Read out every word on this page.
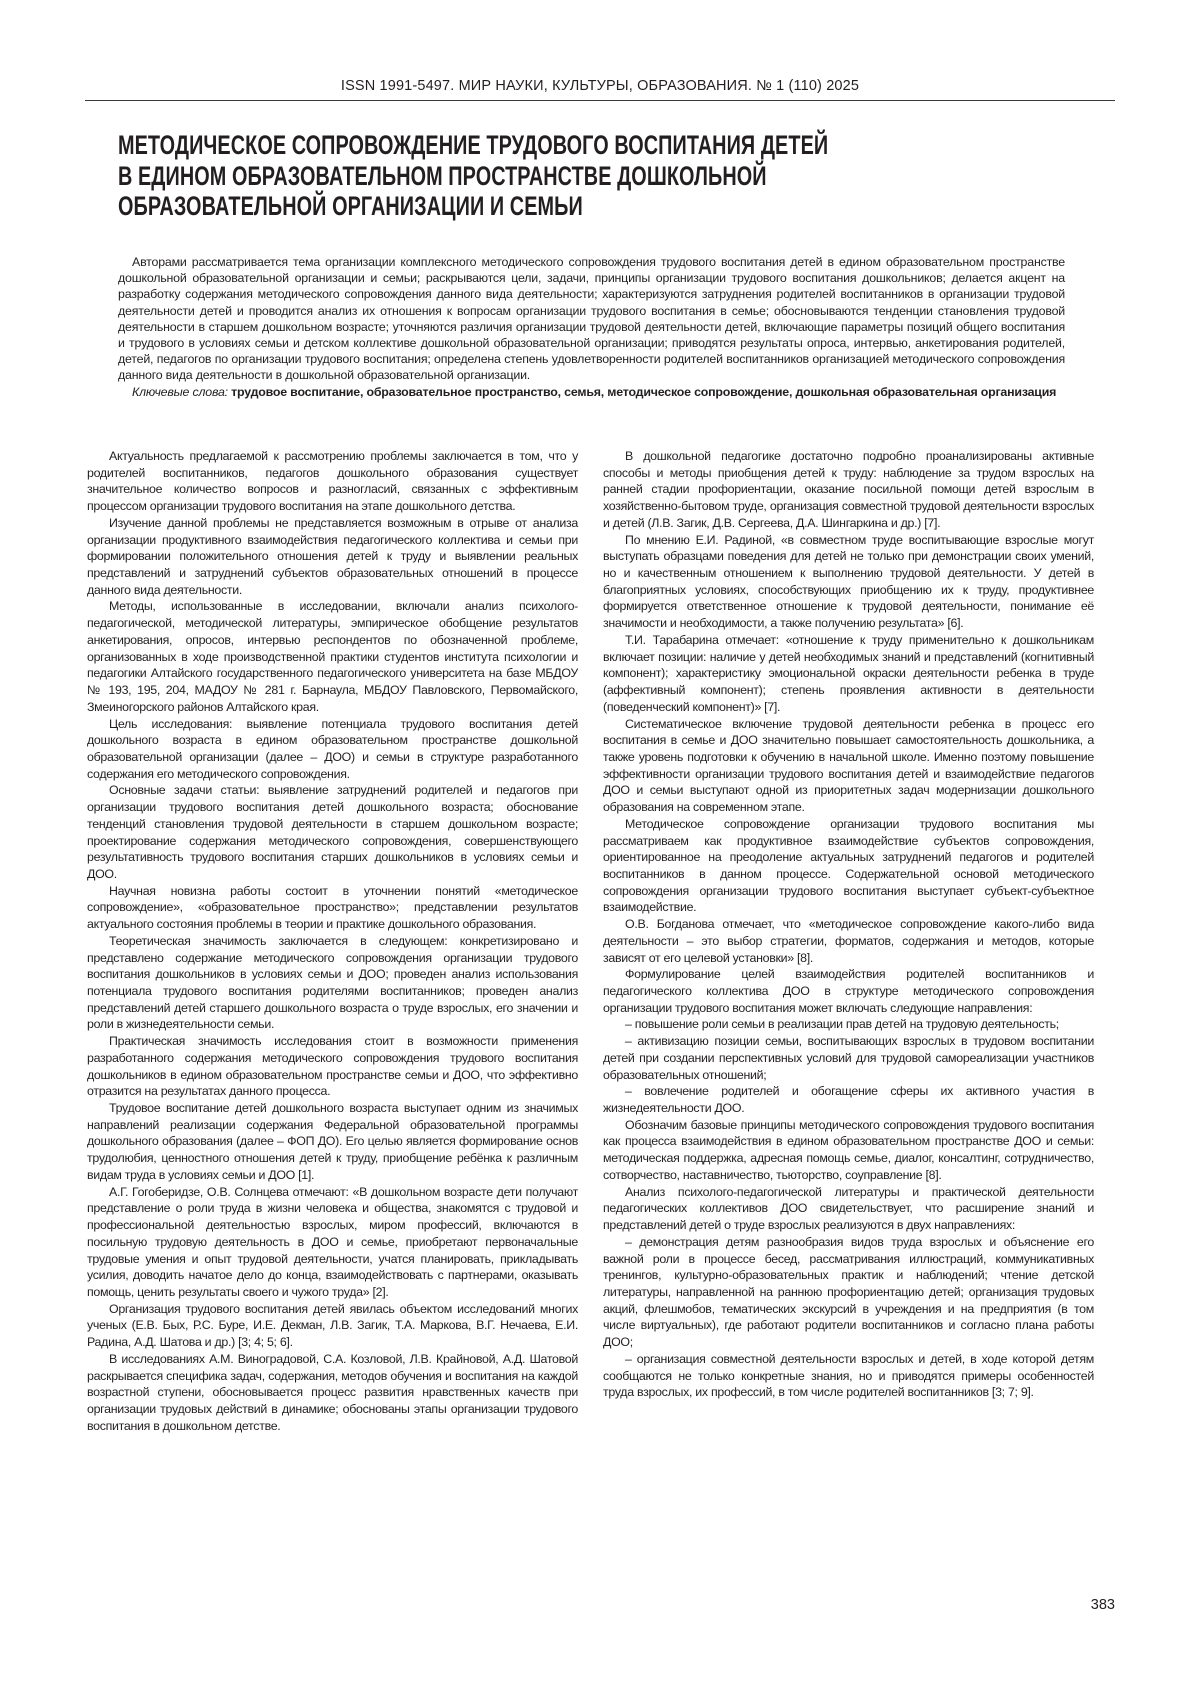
ISSN 1991-5497. МИР НАУКИ, КУЛЬТУРЫ, ОБРАЗОВАНИЯ. № 1 (110) 2025
МЕТОДИЧЕСКОЕ СОПРОВОЖДЕНИЕ ТРУДОВОГО ВОСПИТАНИЯ ДЕТЕЙ
В ЕДИНОМ ОБРАЗОВАТЕЛЬНОМ ПРОСТРАНСТВЕ ДОШКОЛЬНОЙ
ОБРАЗОВАТЕЛЬНОЙ ОРГАНИЗАЦИИ И СЕМЬИ

Авторами рассматривается тема организации комплексного методического сопровождения трудового воспитания детей в едином образовательном пространстве дошкольной образовательной организации и семьи; раскрываются цели, задачи, принципы организации трудового воспитания дошкольников; делается акцент на разработку содержания методического сопровождения данного вида деятельности; характеризуются затруднения родителей воспитанников в организации трудовой деятельности детей и проводится анализ их отношения к вопросам организации трудового воспитания в семье; обосновываются тенденции становления трудовой деятельности в старшем дошкольном возрасте; уточняются различия организации трудовой деятельности детей, включающие параметры позиций общего воспитания и трудового в условиях семьи и детском коллективе дошкольной образовательной организации; приводятся результаты опроса, интервью, анкетирования родителей, детей, педагогов по организации трудового воспитания; определена степень удовлетворенности родителей воспитанников организацией методического сопровождения данного вида деятельности в дошкольной образовательной организации.

Ключевые слова: трудовое воспитание, образовательное пространство, семья, методическое сопровождение, дошкольная образовательная организация

Актуальность предлагаемой к рассмотрению проблемы заключается в том, что у родителей воспитанников, педагогов дошкольного образования существует значительное количество вопросов и разногласий, связанных с эффективным процессом организации трудового воспитания на этапе дошкольного детства.

Изучение данной проблемы не представляется возможным в отрыве от анализа организации продуктивного взаимодействия педагогического коллектива и семьи при формировании положительного отношения детей к труду и выявлении реальных представлений и затруднений субъектов образовательных отношений в процессе данного вида деятельности.

Методы, использованные в исследовании, включали анализ психолого-педагогической, методической литературы, эмпирическое обобщение результатов анкетирования, опросов, интервью респондентов по обозначенной проблеме, организованных в ходе производственной практики студентов института психологии и педагогики Алтайского государственного педагогического университета на базе МБДОУ № 193, 195, 204, МАДОУ № 281 г. Барнаула, МБДОУ Павловского, Первомайского, Змеиногорского районов Алтайского края.

Цель исследования: выявление потенциала трудового воспитания детей дошкольного возраста в едином образовательном пространстве дошкольной образовательной организации (далее – ДОО) и семьи в структуре разработанного содержания его методического сопровождения.

Основные задачи статьи: выявление затруднений родителей и педагогов при организации трудового воспитания детей дошкольного возраста; обоснование тенденций становления трудовой деятельности в старшем дошкольном возрасте; проектирование содержания методического сопровождения, совершенствующего результативность трудового воспитания старших дошкольников в условиях семьи и ДОО.

Научная новизна работы состоит в уточнении понятий «методическое сопровождение», «образовательное пространство»; представлении результатов актуального состояния проблемы в теории и практике дошкольного образования.

Теоретическая значимость заключается в следующем: конкретизировано и представлено содержание методического сопровождения организации трудового воспитания дошкольников в условиях семьи и ДОО; проведен анализ использования потенциала трудового воспитания родителями воспитанников; проведен анализ представлений детей старшего дошкольного возраста о труде взрослых, его значении и роли в жизнедеятельности семьи.

Практическая значимость исследования стоит в возможности применения разработанного содержания методического сопровождения трудового воспитания дошкольников в едином образовательном пространстве семьи и ДОО, что эффективно отразится на результатах данного процесса.

Трудовое воспитание детей дошкольного возраста выступает одним из значимых направлений реализации содержания Федеральной образовательной программы дошкольного образования (далее – ФОП ДО). Его целью является формирование основ трудолюбия, ценностного отношения детей к труду, приобщение ребёнка к различным видам труда в условиях семьи и ДОО [1].

А.Г. Гогоберидзе, О.В. Солнцева отмечают: «В дошкольном возрасте дети получают представление о роли труда в жизни человека и общества, знакомятся с трудовой и профессиональной деятельностью взрослых, миром профессий, включаются в посильную трудовую деятельность в ДОО и семье, приобретают первоначальные трудовые умения и опыт трудовой деятельности, учатся планировать, прикладывать усилия, доводить начатое дело до конца, взаимодействовать с партнерами, оказывать помощь, ценить результаты своего и чужого труда» [2].

Организация трудового воспитания детей явилась объектом исследований многих ученых (Е.В. Бых, Р.С. Буре, И.Е. Декман, Л.В. Загик, Т.А. Маркова, В.Г. Нечаева, Е.И. Радина, А.Д. Шатова и др.) [3; 4; 5; 6].

В исследованиях А.М. Виноградовой, С.А. Козловой, Л.В. Крайновой, А.Д. Шатовой раскрывается специфика задач, содержания, методов обучения и воспитания на каждой возрастной ступени, обосновывается процесс развития нравственных качеств при организации трудовых действий в динамике; обоснованы этапы организации трудового воспитания в дошкольном детстве.

В дошкольной педагогике достаточно подробно проанализированы активные способы и методы приобщения детей к труду: наблюдение за трудом взрослых на ранней стадии профориентации, оказание посильной помощи детей взрослым в хозяйственно-бытовом труде, организация совместной трудовой деятельности взрослых и детей (Л.В. Загик, Д.В. Сергеева, Д.А. Шингаркина и др.) [7].

По мнению Е.И. Радиной, «в совместном труде воспитывающие взрослые могут выступать образцами поведения для детей не только при демонстрации своих умений, но и качественным отношением к выполнению трудовой деятельности. У детей в благоприятных условиях, способствующих приобщению их к труду, продуктивнее формируется ответственное отношение к трудовой деятельности, понимание её значимости и необходимости, а также получению результата» [6].

Т.И. Тарабарина отмечает: «отношение к труду применительно к дошкольникам включает позиции: наличие у детей необходимых знаний и представлений (когнитивный компонент); характеристику эмоциональной окраски деятельности ребенка в труде (аффективный компонент); степень проявления активности в деятельности (поведенческий компонент)» [7].

Систематическое включение трудовой деятельности ребенка в процесс его воспитания в семье и ДОО значительно повышает самостоятельность дошкольника, а также уровень подготовки к обучению в начальной школе. Именно поэтому повышение эффективности организации трудового воспитания детей и взаимодействие педагогов ДОО и семьи выступают одной из приоритетных задач модернизации дошкольного образования на современном этапе.

Методическое сопровождение организации трудового воспитания мы рассматриваем как продуктивное взаимодействие субъектов сопровождения, ориентированное на преодоление актуальных затруднений педагогов и родителей воспитанников в данном процессе. Содержательной основой методического сопровождения организации трудового воспитания выступает субъект-субъектное взаимодействие.

О.В. Богданова отмечает, что «методическое сопровождение какого-либо вида деятельности – это выбор стратегии, форматов, содержания и методов, которые зависят от его целевой установки» [8].

Формулирование целей взаимодействия родителей воспитанников и педагогического коллектива ДОО в структуре методического сопровождения организации трудового воспитания может включать следующие направления:

– повышение роли семьи в реализации прав детей на трудовую деятельность;

– активизацию позиции семьи, воспитывающих взрослых в трудовом воспитании детей при создании перспективных условий для трудовой самореализации участников образовательных отношений;

– вовлечение родителей и обогащение сферы их активного участия в жизнедеятельности ДОО.

Обозначим базовые принципы методического сопровождения трудового воспитания как процесса взаимодействия в едином образовательном пространстве ДОО и семьи: методическая поддержка, адресная помощь семье, диалог, консалтинг, сотрудничество, сотворчество, наставничество, тьюторство, соуправление [8].

Анализ психолого-педагогической литературы и практической деятельности педагогических коллективов ДОО свидетельствует, что расширение знаний и представлений детей о труде взрослых реализуются в двух направлениях:

– демонстрация детям разнообразия видов труда взрослых и объяснение его важной роли в процессе бесед, рассматривания иллюстраций, коммуникативных тренингов, культурно-образовательных практик и наблюдений; чтение детской литературы, направленной на раннюю профориентацию детей; организация трудовых акций, флешмобов, тематических экскурсий в учреждения и на предприятия (в том числе виртуальных), где работают родители воспитанников и согласно плана работы ДОО;

– организация совместной деятельности взрослых и детей, в ходе которой детям сообщаются не только конкретные знания, но и приводятся примеры особенностей труда взрослых, их профессий, в том числе родителей воспитанников [3; 7; 9].

383
